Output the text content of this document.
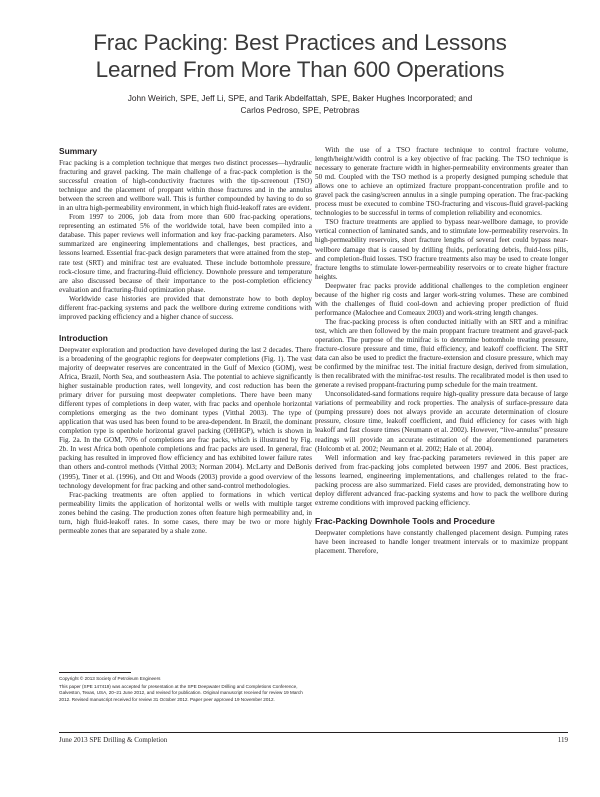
Frac Packing: Best Practices and Lessons
Learned From More Than 600 Operations
John Weirich, SPE, Jeff Li, SPE, and Tarik Abdelfattah, SPE, Baker Hughes Incorporated; and
Carlos Pedroso, SPE, Petrobras
Summary

Frac packing is a completion technique that merges two distinct processes—hydraulic fracturing and gravel packing. The main challenge of a frac-pack completion is the successful creation of high-conductivity fractures with the tip-screenout (TSO) technique and the placement of proppant within those fractures and in the annulus between the screen and wellbore wall. This is further compounded by having to do so in an ultra high-permeability environment, in which high fluid-leakoff rates are evident.

From 1997 to 2006, job data from more than 600 frac-packing operations, representing an estimated 5% of the worldwide total, have been compiled into a database. This paper reviews well information and key frac-packing parameters. Also summarized are engineering implementations and challenges, best practices, and lessons learned. Essential frac-pack design parameters that were attained from the step-rate test (SRT) and minifrac test are evaluated. These include bottomhole pressure, rock-closure time, and fracturing-fluid efficiency. Downhole pressure and temperature are also discussed because of their importance to the post-completion efficiency evaluation and fracturing-fluid optimization phase.

Worldwide case histories are provided that demonstrate how to both deploy different frac-packing systems and pack the wellbore during extreme conditions with improved packing efficiency and a higher chance of success.

Introduction

Deepwater exploration and production have developed during the last 2 decades. There is a broadening of the geographic regions for deepwater completions (Fig. 1). The vast majority of deepwater reserves are concentrated in the Gulf of Mexico (GOM), west Africa, Brazil, North Sea, and southeastern Asia. The potential to achieve significantly higher sustainable production rates, well longevity, and cost reduction has been the primary driver for pursuing most deepwater completions. There have been many different types of completions in deep water, with frac packs and openhole horizontal completions emerging as the two dominant types (Vitthal 2003). The type of application that was used has been found to be area-dependent. In Brazil, the dominant completion type is openhole horizontal gravel packing (OHHGP), which is shown in Fig. 2a. In the GOM, 70% of completions are frac packs, which is illustrated by Fig. 2b. In west Africa both openhole completions and frac packs are used. In general, frac packing has resulted in improved flow efficiency and has exhibited lower failure rates than others and-control methods (Vitthal 2003; Norman 2004). McLarty and DeBonis (1995), Tiner et al. (1996), and Ott and Woods (2003) provide a good overview of the technology development for frac packing and other sand-control methodologies.

Frac-packing treatments are often applied to formations in which vertical permeability limits the application of horizontal wells or wells with multiple target zones behind the casing. The production zones often feature high permeability and, in turn, high fluid-leakoff rates. In some cases, there may be two or more highly permeable zones that are separated by a shale zone.

With the use of a TSO fracture technique to control fracture volume, length/height/width control is a key objective of frac packing. The TSO technique is necessary to generate fracture width in higher-permeability environments greater than 50 md. Coupled with the TSO method is a properly designed pumping schedule that allows one to achieve an optimized fracture proppant-concentration profile and to gravel pack the casing/screen annulus in a single pumping operation. The frac-packing process must be executed to combine TSO-fracturing and viscous-fluid gravel-packing technologies to be successful in terms of completion reliability and economics.

TSO fracture treatments are applied to bypass near-wellbore damage, to provide vertical connection of laminated sands, and to stimulate low-permeability reservoirs. In high-permeability reservoirs, short fracture lengths of several feet could bypass near-wellbore damage that is caused by drilling fluids, perforating debris, fluid-loss pills, and completion-fluid losses. TSO fracture treatments also may be used to create longer fracture lengths to stimulate lower-permeability reservoirs or to create higher fracture heights.

Deepwater frac packs provide additional challenges to the completion engineer because of the higher rig costs and larger work-string volumes. These are combined with the challenges of fluid cool-down and achieving proper prediction of fluid performance (Malochee and Comeaux 2003) and work-string length changes.

The frac-packing process is often conducted initially with an SRT and a minifrac test, which are then followed by the main proppant fracture treatment and gravel-pack operation. The purpose of the minifrac is to determine bottomhole treating pressure, fracture-closure pressure and time, fluid efficiency, and leakoff coefficient. The SRT data can also be used to predict the fracture-extension and closure pressure, which may be confirmed by the minifrac test. The initial fracture design, derived from simulation, is then recalibrated with the minifrac-test results. The recalibrated model is then used to generate a revised proppant-fracturing pump schedule for the main treatment.

Unconsolidated-sand formations require high-quality pressure data because of large variations of permeability and rock properties. The analysis of surface-pressure data (pumping pressure) does not always provide an accurate determination of closure pressure, closure time, leakoff coefficient, and fluid efficiency for cases with high leakoff and fast closure times (Neumann et al. 2002). However, “live-annulus” pressure readings will provide an accurate estimation of the aforementioned parameters (Holcomb et al. 2002; Neumann et al. 2002; Hale et al. 2004).

Well information and key frac-packing parameters reviewed in this paper are derived from frac-packing jobs completed between 1997 and 2006. Best practices, lessons learned, engineering implementations, and challenges related to the frac-packing process are also summarized. Field cases are provided, demonstrating how to deploy different advanced frac-packing systems and how to pack the wellbore during extreme conditions with improved packing efficiency.

Frac-Packing Downhole Tools and Procedure

Deepwater completions have constantly challenged placement design. Pumping rates have been increased to handle longer treatment intervals or to maximize proppant placement. Therefore,

Copyright © 2013 Society of Petroleum Engineers

This paper (SPE 147419) was accepted for presentation at the SPE Deepwater Drilling and Completions Conference, Galveston, Texas, USA, 20–21 June 2012, and revised for publication. Original manuscript received for review 19 March 2012. Revised manuscript received for review 31 October 2012. Paper peer approved 19 November 2012.

June 2013 SPE Drilling & Completion	119
